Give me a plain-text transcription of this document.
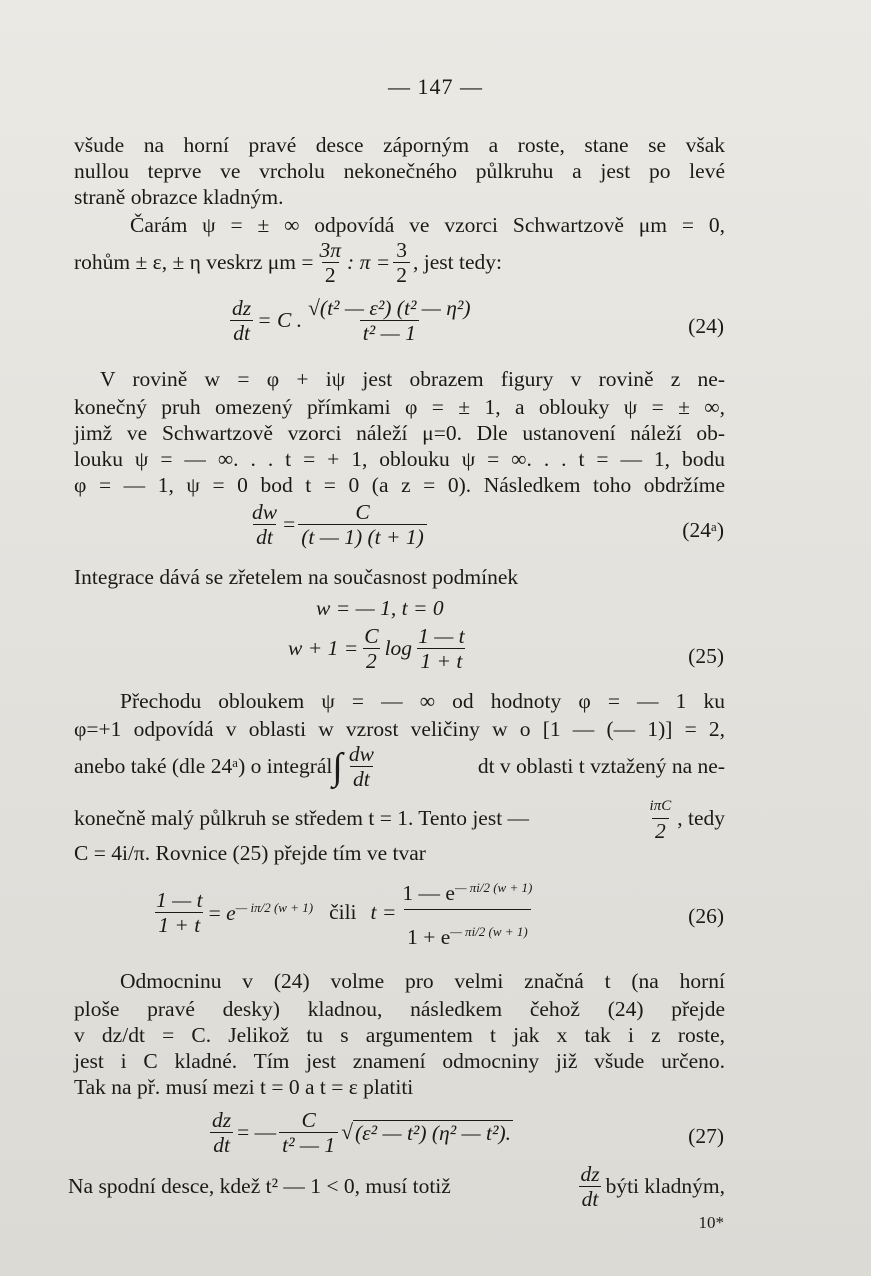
— 147 —
všude na horní pravé desce záporným a roste, stane se však
nullou teprve ve vrcholu nekonečného půlkruhu a jest po levé
straně obrazce kladným.
Čarám ψ = ± ∞ odpovídá ve vzorci Schwartzově μm = 0,
rohům ± ε, ± η veskrz $\mu m = \frac{3\pi}{2}$ : $\pi = \frac{3}{2}$ , jest tedy:
$\frac{dz}{dt} = C$ . $\frac{\text{√(t² — ε²) (t² — η²)}}{\text{t² — 1}}$	(24)
V rovině w = φ + iψ jest obrazem figury v rovině z ne-
konečný pruh omezený přímkami φ = ± 1, a oblouky ψ = ± ∞,
jimž ve Schwartzově vzorci náleží μ=0. Dle ustanovení náleží ob-
louku ψ = — ∞. . . t = + 1, oblouku ψ = ∞. . . t = — 1, bodu
φ = — 1, ψ = 0 bod t = 0 (a z = 0). Následkem toho obdržíme
$\frac{dw}{dt} = \frac{C}{(t — 1) (t + 1)}$	(24ᵃ)
Integrace dává se zřetelem na současnost podmínek
w = — 1, t = 0
$w + 1 = \frac{C}{2}$ $\log \frac{1 — t}{1 + t}$	(25)
Přechodu obloukem ψ = — ∞ od hodnoty φ = — 1 ku
φ=+1 odpovídá v oblasti w vzrost veličiny w o [1 — (— 1)] = 2,
anebo také (dle 24ᵃ) o integrál ∫ $\frac{dw}{dt}$	dt v oblasti t vztažený na ne-
konečně malý půlkruh se středem t = 1. Tento jest —	$\frac{\text{iπC}}{2}$ , tedy
C = 4i/π. Rovnice (25) přejde tím ve tvar
$\frac{1 — t}{1 + t} = e^{— i\pi/2 (w + 1)}$ čili $t = \frac{1 — e^{— \pi i/2 (w + 1)}}{1 + e^{— \pi i/2 (w + 1)}}$	(26)
Odmocninu v (24) volme pro velmi značná t (na horní
ploše pravé desky) kladnou, následkem čehož (24) přejde
v dz/dt = C. Jelikož tu s argumentem t jak x tak i z roste,
jest i C kladné. Tím jest znamení odmocniny již všude určeno.
Tak na př. musí mezi t = 0 a t = ε platiti
$\frac{dz}{dt}$ = — $\frac{C}{\text{t² — 1}}$ √ (ε² — t²) (η² — t²).	(27)
Na spodní desce, kdež t² — 1 < 0, musí totiž	$\frac{dz}{dt}$ býti kladným,
10*
